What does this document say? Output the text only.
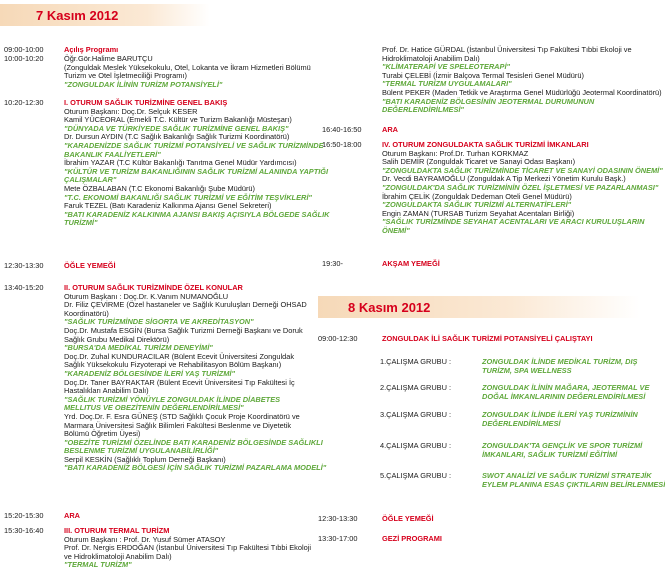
7 Kasım 2012
09:00-10:00	Açılış Programı
10:00-10:20	Öğr.Gör.Halime BARUTÇU
(Zonguldak Meslek Yüksekokulu, Otel, Lokanta ve İkram Hizmetleri Bölümü
Turizm ve Otel İşletmeciliği Programı)
"ZONGULDAK İLİNİN TURİZM POTANSİYELİ"
10:20-12:30	I. OTURUM SAĞLIK TURİZMİNE GENEL BAKIŞ
Oturum Başkanı: Doç.Dr. Selçuk KESER
Kamil YÜCEORAL (Emekli T.C. Kültür ve Turizm Bakanlığı Müsteşarı)
"DÜNYADA VE TÜRKİYEDE SAĞLIK TURİZMİNE GENEL BAKIŞ"
Dr. Dursun AYDIN (T.C Sağlık Bakanlığı Sağlık Turizmi Koordinatörü)
"KARADENİZDE SAĞLIK TURİZMİ POTANSİYELİ VE SAĞLIK TURİZMİNDE
BAKANLIK FAALİYETLERİ"
İbrahim YAZAR (T.C Kültür Bakanlığı Tanıtma Genel Müdür Yardımcısı)
"KÜLTÜR VE TURİZM BAKANLIĞININ SAĞLIK TURİZMİ ALANINDA YAPTIĞI
ÇALIŞMALAR"
Mete ÖZBALABAN (T.C Ekonomi Bakanlığı Şube Müdürü)
"T.C. EKONOMİ BAKANLIĞI SAĞLIK TURİZMİ VE EĞİTİM TEŞVİKLERİ"
Faruk TEZEL (Batı Karadeniz Kalkınma Ajansı Genel Sekreteri)
"BATI KARADENİZ KALKINMA AJANSI BAKIŞ AÇISIYLA BÖLGEDE SAĞLIK
TURİZMİ"
12:30-13:30	ÖĞLE YEMEĞİ
13:40-15:20	II. OTURUM SAĞLIK TURİZMİNDE ÖZEL KONULAR
Oturum Başkanı : Doç.Dr. K.Vanım NUMANOĞLU
Dr. Filiz ÇEVİRME (Özel hastaneler ve Sağlık Kuruluşları Derneği OHSAD
Koordinatörü)
"SAĞLIK TURİZMİNDE SİGORTA VE AKREDİTASYON"
Doç.Dr. Mustafa ESGİN (Bursa Sağlık Turizmi Derneği Başkanı ve Doruk
Sağlık Grubu Medikal Direktörü)
"BURSA'DA MEDİKAL TURİZM DENEYİMİ"
Doç.Dr. Zuhal KUNDURACILAR (Bülent Ecevit Üniversitesi Zonguldak
Sağlık Yüksekokulu Fizyoterapi ve Rehabilitasyon Bölüm Başkanı)
"KARADENİZ BÖLGESİNDE İLERİ YAŞ TURİZMİ"
Doç.Dr. Taner BAYRAKTAR (Bülent Ecevit Üniversitesi Tıp Fakültesi İç
Hastalıkları Anabilim Dalı)
"SAĞLIK TURİZMİ YÖNÜYLE ZONGULDAK İLİNDE DİABETES
MELLITUS VE OBEZİTENİN DEĞERLENDİRİLMESİ"
Yrd. Doç.Dr. F. Esra GÜNEŞ (STD Sağlıklı Çocuk Proje Koordinatörü ve
Marmara Üniversitesi Sağlık Bilimleri Fakültesi Beslenme ve Diyetetik
Bölümü Öğretim Üyesi)
"OBEZİTE TURİZMİ ÖZELİNDE BATI KARADENİZ BÖLGESİNDE SAĞLIKLI
BESLENME TURİZMİ UYGULANABİLİRLİĞİ"
Serpil KESKİN (Sağlıklı Toplum Derneği Başkanı)
"BATI KARADENİZ BÖLGESİ İÇİN SAĞLIK TURİZMİ PAZARLAMA MODELİ"
15:20-15:30	ARA
15:30-16:40	III. OTURUM TERMAL TURİZM
Oturum Başkanı : Prof. Dr. Yusuf Sümer ATASOY
Prof. Dr. Nergis ERDOĞAN (İstanbul Üniversitesi Tıp Fakültesi Tıbbi Ekoloji
ve Hidroklimatoloji Anabilim Dalı)
"TERMAL TURİZM"
Prof. Dr. Hatice GÜRDAL (İstanbul Üniversitesi Tıp Fakültesi Tıbbi Ekoloji ve
Hidroklimatoloji Anabilim Dalı)
"KLİMATERAPİ VE SPELEOTERAPİ"
Turabi ÇELEBİ (İzmir Balçova Termal Tesisleri Genel Müdürü)
"TERMAL TURİZM UYGULAMALARI"
Bülent PEKER (Maden Tetkik ve Araştırma Genel Müdürlüğü Jeotermal Koordinatörü)
"BATI KARADENİZ BÖLGESİNİN JEOTERMAL DURUMUNUN
DEĞERLENDİRİLMESİ"
16:40-16:50	ARA
16:50-18:00	IV. OTURUM ZONGULDAKTA SAĞLIK TURİZMİ İMKANLARI
Oturum Başkanı: Prof.Dr. Turhan KORKMAZ
Salih DEMİR (Zonguldak Ticaret ve Sanayi Odası Başkanı)
"ZONGULDAKTA SAĞLIK TURİZMİNDE TİCARET VE SANAYİ ODASININ ÖNEMİ"
Dr. Vecdi BAYRAMOĞLU (Zonguldak A Tip Merkezi Yönetim Kurulu Başk.)
"ZONGULDAK'DA SAĞLIK TURİZMİNİN ÖZEL İŞLETMESİ VE PAZARLANMASI"
İbrahim ÇELİK (Zonguldak Dedeman Oteli Genel Müdürü)
"ZONGULDAKTA SAĞLIK TURİZMİ ALTERNATİFLERİ"
Engin ZAMAN (TURSAB Turizm Seyahat Acentaları Birliği)
"SAĞLIK TURİZMİNDE SEYAHAT ACENTALARI VE ARACI KURULUŞLARIN
ÖNEMİ"
19:30-	AKŞAM YEMEĞİ
8 Kasım 2012
09:00-12:30	ZONGULDAK İLİ SAĞLIK TURİZMİ POTANSİYELİ ÇALIŞTAYI
1.ÇALIŞMA GRUBU :	ZONGULDAK İLİNDE MEDİKAL TURİZM, DIŞ
TURİZM, SPA WELLNESS
2.ÇALIŞMA GRUBU :	ZONGULDAK İLİNİN MAĞARA, JEOTERMAL VE
DOĞAL İMKANLARININ DEĞERLENDİRİLMESİ
3.ÇALIŞMA GRUBU :	ZONGULDAK İLİNDE İLERİ YAŞ TURİZMİNİN
DEĞERLENDİRİLMESİ
4.ÇALIŞMA GRUBU :	ZONGULDAK'TA GENÇLİK VE SPOR TURİZMİ
İMKANLARI, SAĞLIK TURİZMİ EĞİTİMİ
5.ÇALIŞMA GRUBU :	SWOT ANALİZİ VE SAĞLIK TURİZMİ STRATEJİK
EYLEM PLANINA ESAS ÇIKTILARIN BELİRLENMESİ
12:30-13:30	ÖĞLE YEMEĞİ
13:30-17:00	GEZİ PROGRAMI
